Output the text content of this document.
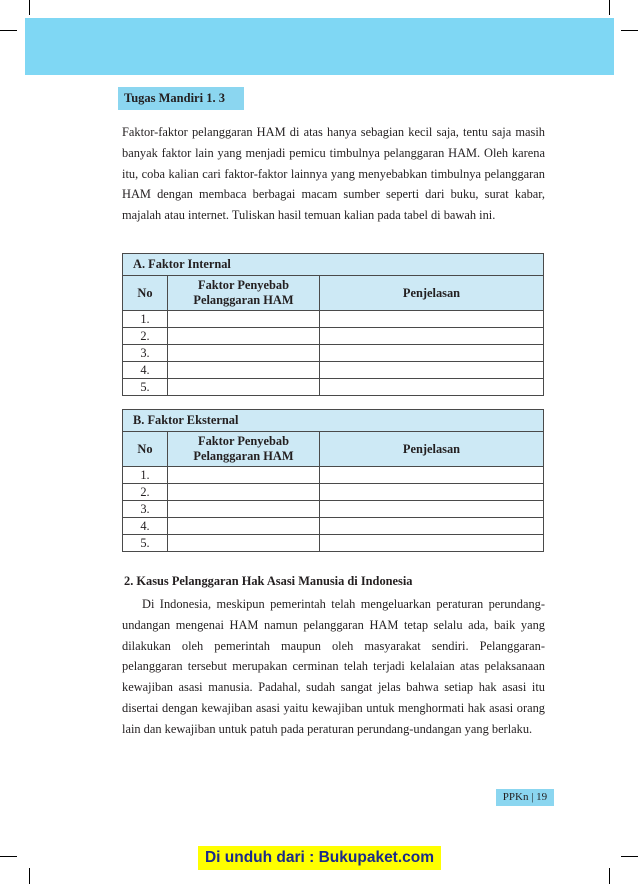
Tugas Mandiri 1. 3

Faktor-faktor pelanggaran HAM di atas hanya sebagian kecil saja, tentu saja masih banyak faktor lain yang menjadi pemicu timbulnya pelanggaran HAM. Oleh karena itu, coba kalian cari faktor-faktor lainnya yang menyebabkan timbulnya pelanggaran HAM dengan membaca berbagai macam sumber seperti dari buku, surat kabar, majalah atau internet. Tuliskan hasil temuan kalian pada tabel di bawah ini.

A. Faktor Internal		
No	Faktor Penyebab Pelanggaran HAM	Penjelasan
1.		
2.		
3.		
4.		
5.		
B. Faktor Eksternal		
No	Faktor Penyebab Pelanggaran HAM	Penjelasan
1.		
2.		
3.		
4.		
5.		

2. Kasus Pelanggaran Hak Asasi Manusia di Indonesia

Di Indonesia, meskipun pemerintah telah mengeluarkan peraturan perundang-undangan mengenai HAM namun pelanggaran HAM tetap selalu ada, baik yang dilakukan oleh pemerintah maupun oleh masyarakat sendiri. Pelanggaran-pelanggaran tersebut merupakan cerminan telah terjadi kelalaian atas pelaksanaan kewajiban asasi manusia. Padahal, sudah sangat jelas bahwa setiap hak asasi itu disertai dengan kewajiban asasi yaitu kewajiban untuk menghormati hak asasi orang lain dan kewajiban untuk patuh pada peraturan perundang-undangan yang berlaku.

PPKn | 19
Di unduh dari : Bukupaket.com
